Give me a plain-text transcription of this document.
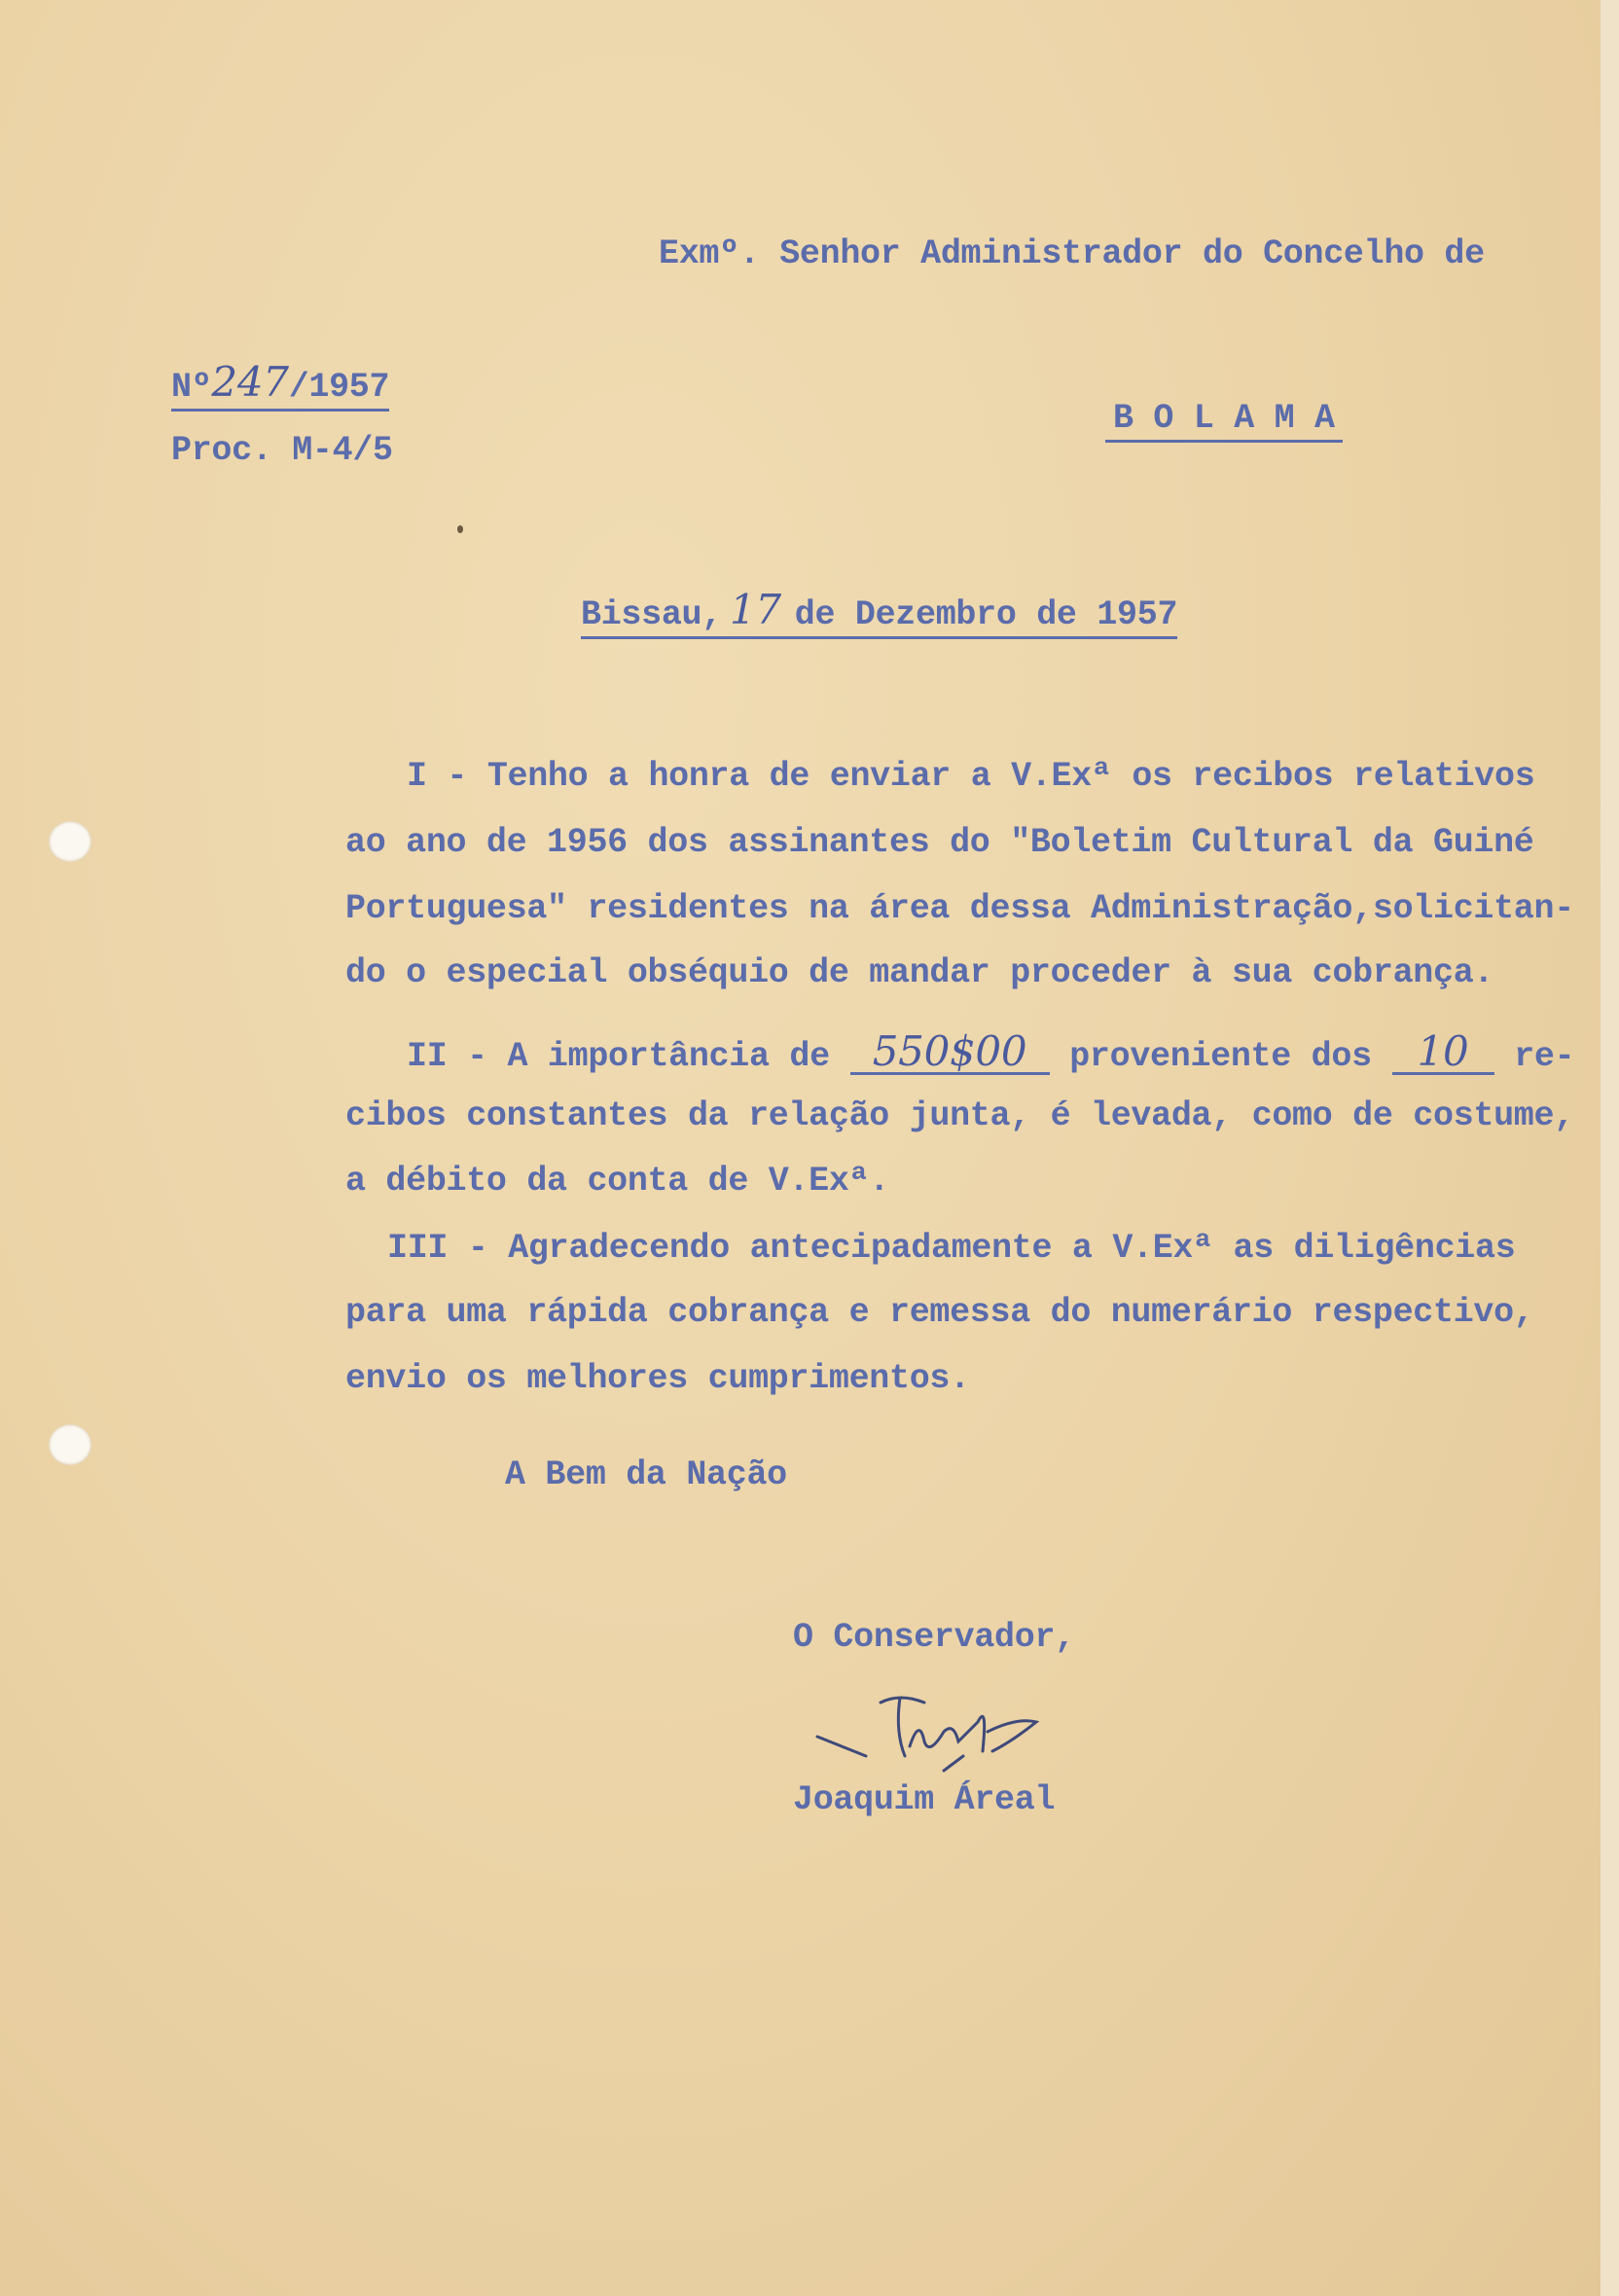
Exmº. Senhor Administrador do Concelho de
Nº247/1957
Proc. M-4/5
B O L A M A
Bissau, 17 de Dezembro de 1957
I - Tenho a honra de enviar a V.Exª os recibos relativos
ao ano de 1956 dos assinantes do "Boletim Cultural da Guiné
Portuguesa" residentes na área dessa Administração,solicitan-
do o especial obséquio de mandar proceder à sua cobrança.
II - A importância de 550$00 proveniente dos 10 re-
cibos constantes da relação junta, é levada, como de costume,
a débito da conta de V.Exª.
III - Agradecendo antecipadamente a V.Exª as diligências
para uma rápida cobrança e remessa do numerário respectivo,
envio os melhores cumprimentos.
A Bem da Nação
O Conservador,
Joaquim Áreal
